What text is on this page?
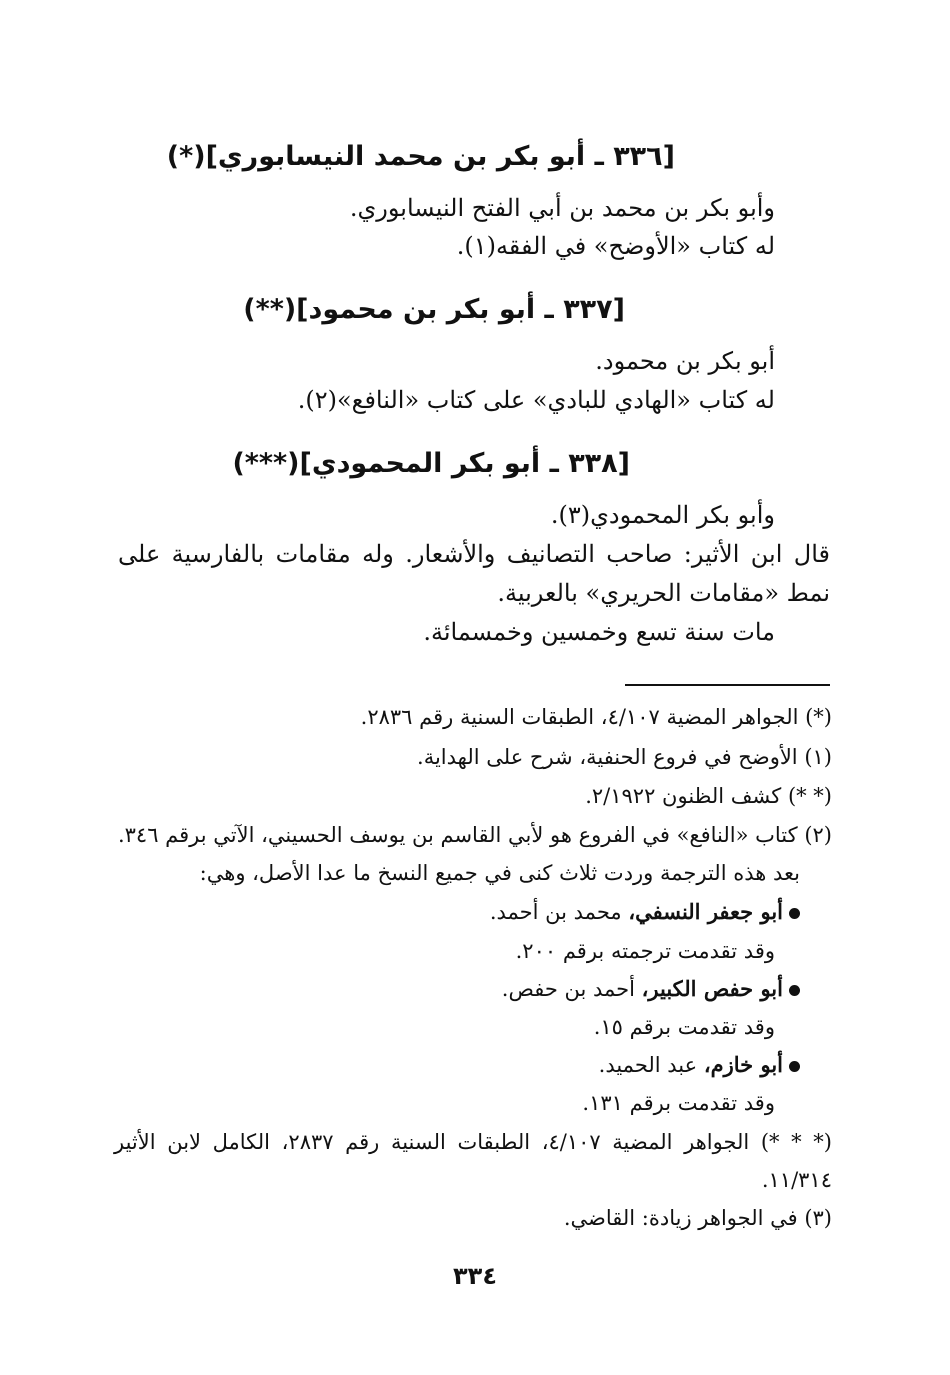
[٣٣٦ ـ أبو بكر بن محمد النيسابوري](*)
وأبو بكر بن محمد بن أبي الفتح النيسابوري.
له كتاب «الأوضح» في الفقه(١).
[٣٣٧ ـ أبو بكر بن محمود](**)
أبو بكر بن محمود.
له كتاب «الهادي للبادي» على كتاب «النافع»(٢).
[٣٣٨ ـ أبو بكر المحمودي](***)
وأبو بكر المحمودي(٣).
قال ابن الأثير: صاحب التصانيف والأشعار. وله مقامات بالفارسية على
نمط «مقامات الحريري» بالعربية.
مات سنة تسع وخمسين وخمسمائة.
(*) الجواهر المضية ٤/١٠٧، الطبقات السنية رقم ٢٨٣٦.
(١) الأوضح في فروع الحنفية، شرح على الهداية.
(* *) كشف الظنون ٢/١٩٢٢.
(٢) كتاب «النافع» في الفروع هو لأبي القاسم بن يوسف الحسيني، الآتي برقم ٣٤٦.
بعد هذه الترجمة وردت ثلاث كنى في جميع النسخ ما عدا الأصل، وهي:
أبو جعفر النسفي، محمد بن أحمد.
وقد تقدمت ترجمته برقم ٢٠٠.
أبو حفص الكبير، أحمد بن حفص.
وقد تقدمت برقم ١٥.
أبو خازم، عبد الحميد.
وقد تقدمت برقم ١٣١.
(* * *) الجواهر المضية ٤/١٠٧، الطبقات السنية رقم ٢٨٣٧، الكامل لابن الأثير
١١/٣١٤.
(٣) في الجواهر زيادة: القاضي.
٣٣٤
